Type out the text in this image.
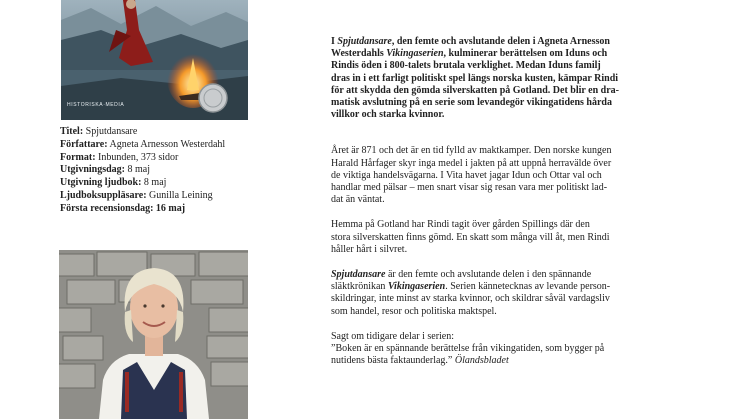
HISTORISKA·MEDIA
Titel: Spjutdansare
Författare: Agneta Arnesson Westerdahl
Format: Inbunden, 373 sidor
Utgivningsdag: 8 maj
Utgivning ljudbok: 8 maj
Ljudboksuppläsare: Gunilla Leining
Första recensionsdag: 16 maj

I Spjutdansare, den femte och avslutande delen i Agneta Arnesson
Westerdahls Vikingaserien, kulminerar berättelsen om Iduns och
Rindis öden i 800-talets brutala verklighet. Medan Iduns familj
dras in i ett farligt politiskt spel längs norska kusten, kämpar Rindi
för att skydda den gömda silverskatten på Gotland. Det blir en dra-
matisk avslutning på en serie som levandegör vikingatidens hårda
villkor och starka kvinnor.

Året är 871 och det är en tid fylld av maktkamper. Den norske kungen
Harald Hårfager skyr inga medel i jakten på att uppnå herravälde över
de viktiga handelsvägarna. I Vita havet jagar Idun och Ottar val och
handlar med pälsar – men snart visar sig resan vara mer politiskt lad-
dat än väntat.

Hemma på Gotland har Rindi tagit över gården Spillings där den
stora silverskatten finns gömd. En skatt som många vill åt, men Rindi
håller hårt i silvret.

Spjutdansare är den femte och avslutande delen i den spännande
släktkrönikan Vikingaserien. Serien kännetecknas av levande person-
skildringar, inte minst av starka kvinnor, och skildrar såväl vardagsliv
som handel, resor och politiska maktspel.

Sagt om tidigare delar i serien:
”Boken är en spännande berättelse från vikingatiden, som bygger på
nutidens bästa faktaunderlag.” Ölandsbladet
